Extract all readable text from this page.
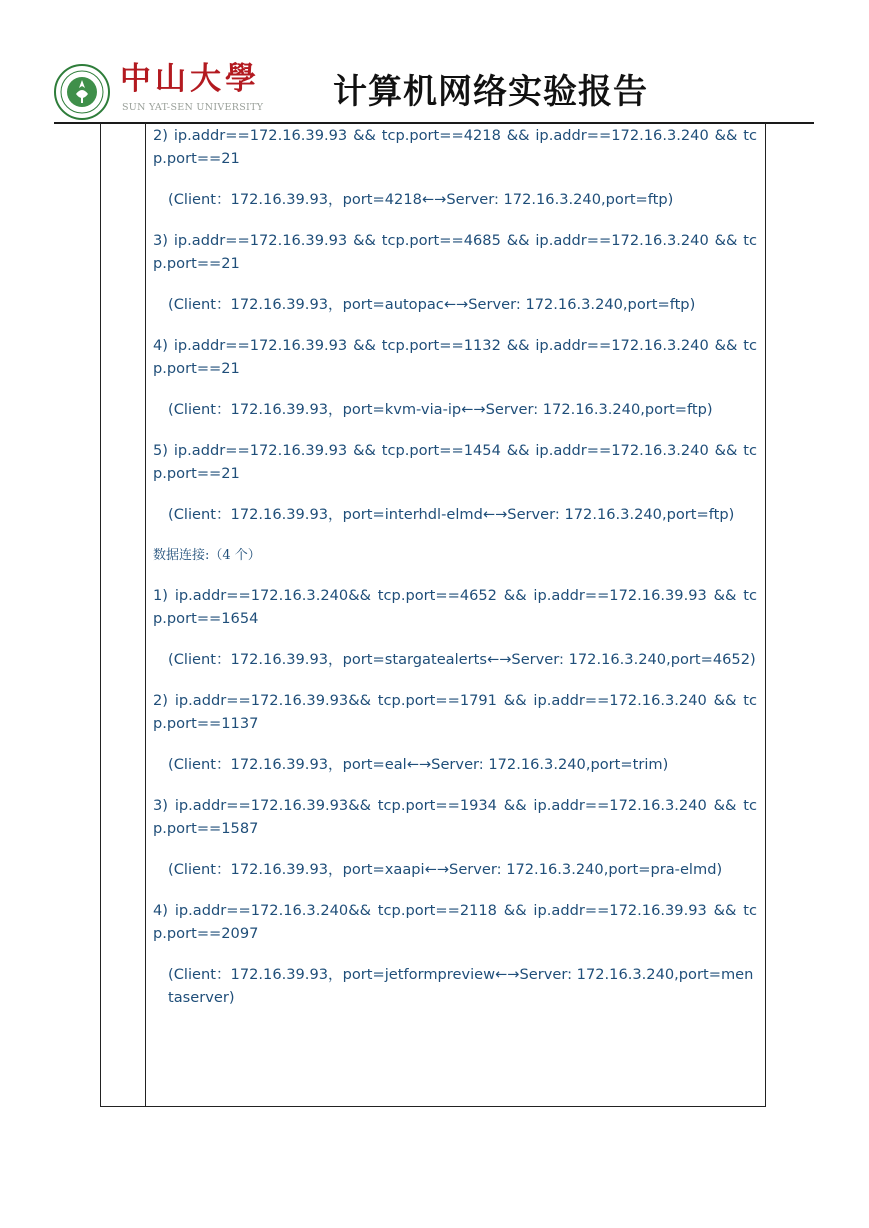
中山大學
SUN YAT-SEN UNIVERSITY 计算机网络实验报告
2) ip.addr==172.16.39.93 && tcp.port==4218 && ip.addr==172.16.3.240 && tcp.port==21
(Client：172.16.39.93，port=4218←→Server: 172.16.3.240,port=ftp)
3) ip.addr==172.16.39.93 && tcp.port==4685 && ip.addr==172.16.3.240 && tcp.port==21
(Client：172.16.39.93，port=autopac←→Server: 172.16.3.240,port=ftp)
4) ip.addr==172.16.39.93 && tcp.port==1132 && ip.addr==172.16.3.240 && tcp.port==21
(Client：172.16.39.93，port=kvm-via-ip←→Server: 172.16.3.240,port=ftp)
5) ip.addr==172.16.39.93 && tcp.port==1454 && ip.addr==172.16.3.240 && tcp.port==21
(Client：172.16.39.93，port=interhdl-elmd←→Server: 172.16.3.240,port=ftp)
数据连接:（4 个）
1) ip.addr==172.16.3.240&& tcp.port==4652 && ip.addr==172.16.39.93 && tcp.port==1654
(Client：172.16.39.93，port=stargatealerts←→Server: 172.16.3.240,port=4652)
2) ip.addr==172.16.39.93&& tcp.port==1791 && ip.addr==172.16.3.240 && tcp.port==1137
(Client：172.16.39.93，port=eal←→Server: 172.16.3.240,port=trim)
3) ip.addr==172.16.39.93&& tcp.port==1934 && ip.addr==172.16.3.240 && tcp.port==1587
(Client：172.16.39.93，port=xaapi←→Server: 172.16.3.240,port=pra-elmd)
4) ip.addr==172.16.3.240&& tcp.port==2118 && ip.addr==172.16.39.93 && tcp.port==2097
(Client：172.16.39.93，port=jetformpreview←→Server: 172.16.3.240,port=mentaserver)
